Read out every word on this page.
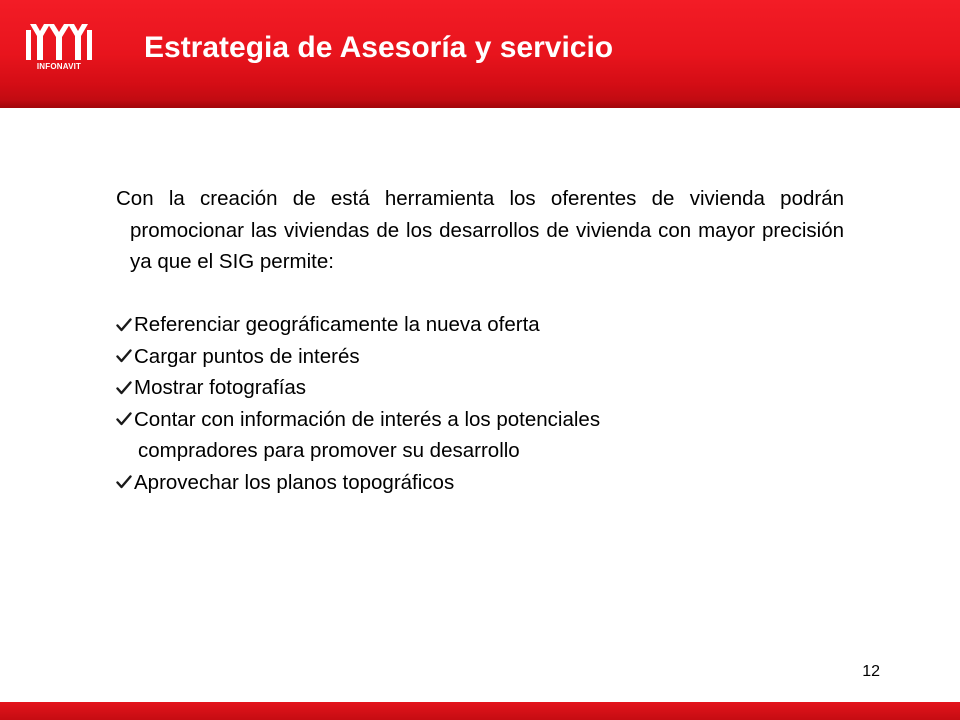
INFONAVIT
Estrategia de Asesoría y servicio

Con la creación de está herramienta los oferentes de vivienda podrán promocionar las viviendas de los desarrollos de vivienda con mayor precisión ya que el SIG permite:

Referenciar geográficamente la nueva oferta
Cargar puntos de interés
Mostrar fotografías
Contar con información de interés a los potenciales
compradores para promover su desarrollo
Aprovechar los planos topográficos
12
